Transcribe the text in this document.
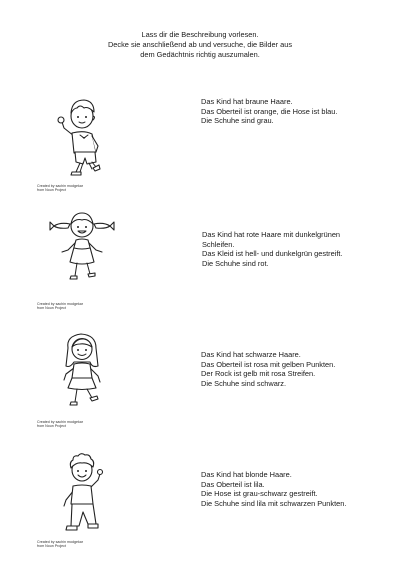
Lass dir die Beschreibung vorlesen.
Decke sie anschließend ab und versuche, die Bilder aus
dem Gedächtnis richtig auszumalen.
Created by sachin modgekar
from Noun Project
Created by sachin modgekar
from Noun Project
Created by sachin modgekar
from Noun Project
Created by sachin modgekar
from Noun Project
Das Kind hat braune Haare.
Das Oberteil ist orange, die Hose ist blau.
Die Schuhe sind grau.
Das Kind hat rote Haare mit dunkelgrünen
Schleifen.
Das Kleid ist hell- und dunkelgrün gestreift.
Die Schuhe sind rot.
Das Kind hat schwarze Haare.
Das Oberteil ist rosa mit gelben Punkten.
Der Rock ist gelb mit rosa Streifen.
Die Schuhe sind schwarz.
Das Kind hat blonde Haare.
Das Oberteil ist lila.
Die Hose ist grau-schwarz gestreift.
Die Schuhe sind lila mit schwarzen Punkten.
